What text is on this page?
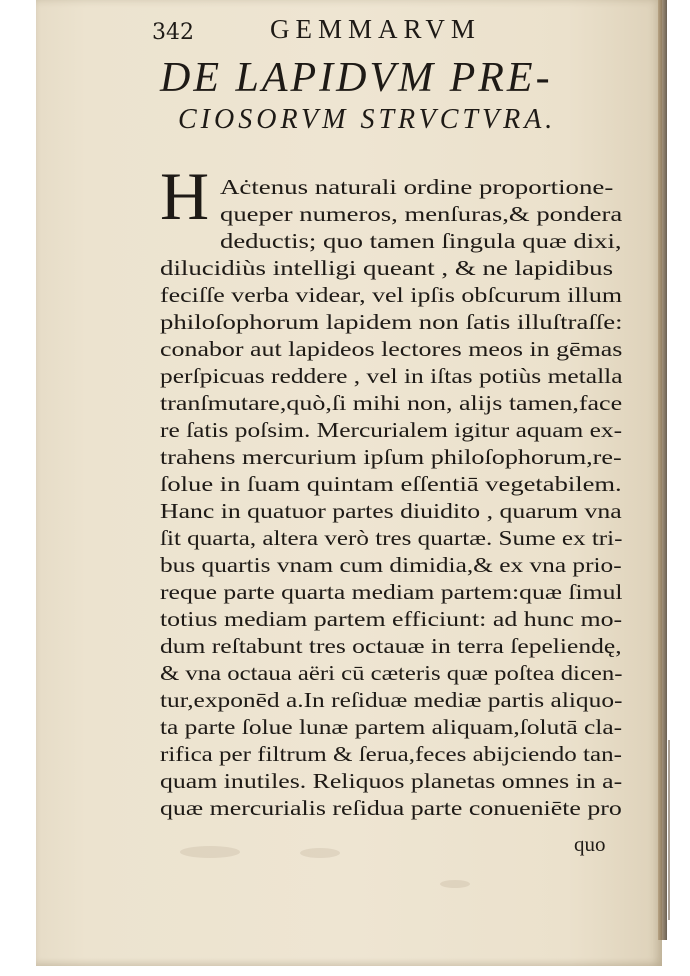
342	GEMMARVM
DE LAPIDVM PRE-
CIOSORVM STRVCTVRA.
H Aċtenus naturali ordine proportione-
queper numeros, menſuras,& pondera
deductis; quo tamen ſingula quæ dixi,
dilucidiùs intelligi queant , & ne lapidibus
feciſſe verba videar, vel ipſis obſcurum illum
philoſophorum lapidem non ſatis illuſtraſſe:
conabor aut lapideos lectores meos in gēmas
perſpicuas reddere , vel in iſtas potiùs metalla
tranſmutare,quò,ſi mihi non, alijs tamen,face
re ſatis poſsim. Mercurialem igitur aquam ex-
trahens mercurium ipſum philoſophorum,re-
ſolue in ſuam quintam eſſentiā vegetabilem.
Hanc in quatuor partes diuidito , quarum vna
ſit quarta, altera verò tres quartæ. Sume ex tri-
bus quartis vnam cum dimidia,& ex vna prio-
reque parte quarta mediam partem:quæ ſimul
totius mediam partem efficiunt: ad hunc mo-
dum reſtabunt tres octauæ in terra ſepeliendę,
& vna octaua aëri cū cæteris quæ poſtea dicen-
tur,exponēd a.In reſiduæ mediæ partis aliquo-
ta parte ſolue lunæ partem aliquam,ſolutā cla-
rifica per filtrum & ſerua,feces abijciendo tan-
quam inutiles. Reliquos planetas omnes in a-
quæ mercurialis reſidua parte conueniēte pro
quo
